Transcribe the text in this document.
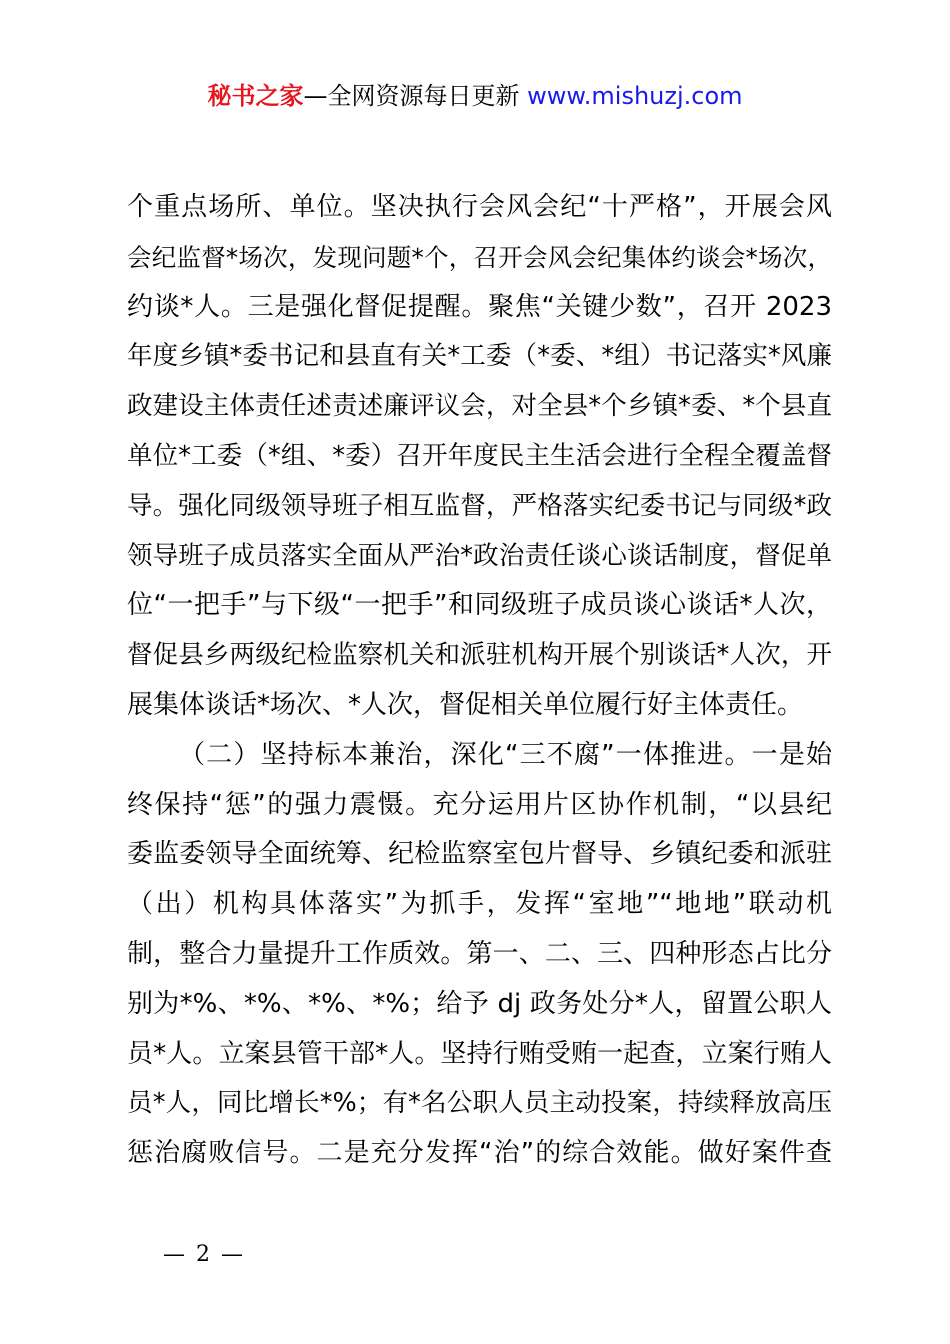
秘书之家—全网资源每日更新 www.mishuzj.com
个重点场所、单位。坚决执行会风会纪“十严格”，开展会风
会纪监督*场次，发现问题*个，召开会风会纪集体约谈会*场次，
约谈*人。三是强化督促提醒。聚焦“关键少数”，召开 2023
年度乡镇*委书记和县直有关*工委（*委、*组）书记落实*风廉
政建设主体责任述责述廉评议会，对全县*个乡镇*委、*个县直
单位*工委（*组、*委）召开年度民主生活会进行全程全覆盖督
导。强化同级领导班子相互监督，严格落实纪委书记与同级*政
领导班子成员落实全面从严治*政治责任谈心谈话制度，督促单
位“一把手”与下级“一把手”和同级班子成员谈心谈话*人次，
督促县乡两级纪检监察机关和派驻机构开展个别谈话*人次，开
展集体谈话*场次、*人次，督促相关单位履行好主体责任。
（二）坚持标本兼治，深化“三不腐”一体推进。一是始
终保持“惩”的强力震慑。充分运用片区协作机制，“以县纪
委监委领导全面统筹、纪检监察室包片督导、乡镇纪委和派驻
（出）机构具体落实”为抓手，发挥“室地”“地地”联动机
制，整合力量提升工作质效。第一、二、三、四种形态占比分
别为*%、*%、*%、*%；给予 dj 政务处分*人，留置公职人
员*人。立案县管干部*人。坚持行贿受贿一起查，立案行贿人
员*人，同比增长*%；有*名公职人员主动投案，持续释放高压
惩治腐败信号。二是充分发挥“治”的综合效能。做好案件查
— 2 —
